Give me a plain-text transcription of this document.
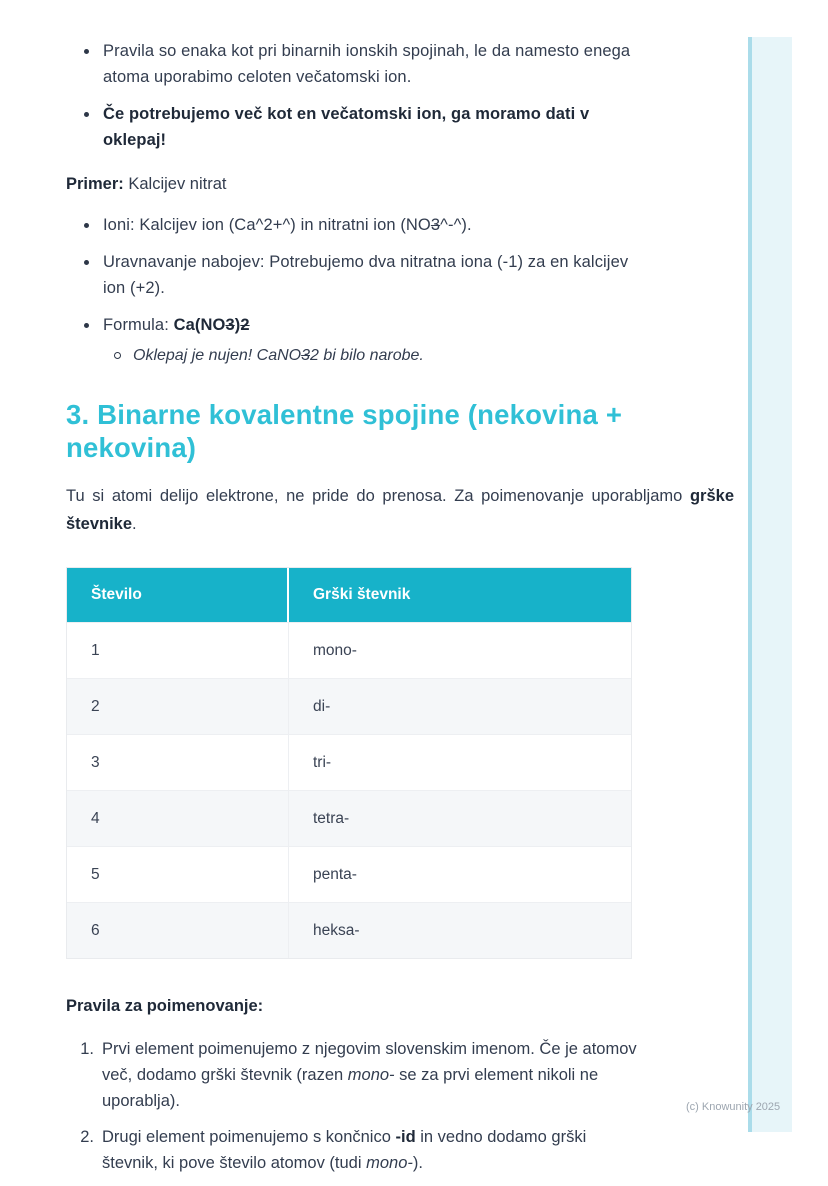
(c) Knowunity 2025
Pravila so enaka kot pri binarnih ionskih spojinah, le da namesto enega atoma uporabimo celoten večatomski ion.
Če potrebujemo več kot en večatomski ion, ga moramo dati v oklepaj!
Primer: Kalcijev nitrat
Ioni: Kalcijev ion (Ca^2+^) in nitratni ion (NO3^-^).
Uravnavanje nabojev: Potrebujemo dva nitratna iona (-1) za en kalcijev ion (+2).
Formula: Ca(NO3)2
Oklepaj je nujen! CaNO32 bi bilo narobe.
3. Binarne kovalentne spojine (nekovina + nekovina)
Tu si atomi delijo elektrone, ne pride do prenosa. Za poimenovanje uporabljamo grške števnike.
Število	Grški števnik
1	mono-
2	di-
3	tri-
4	tetra-
5	penta-
6	heksa-
Pravila za poimenovanje:
1. Prvi element poimenujemo z njegovim slovenskim imenom. Če je atomov več, dodamo grški števnik (razen mono- se za prvi element nikoli ne uporablja).
2. Drugi element poimenujemo s končnico -id in vedno dodamo grški števnik, ki pove število atomov (tudi mono-).
